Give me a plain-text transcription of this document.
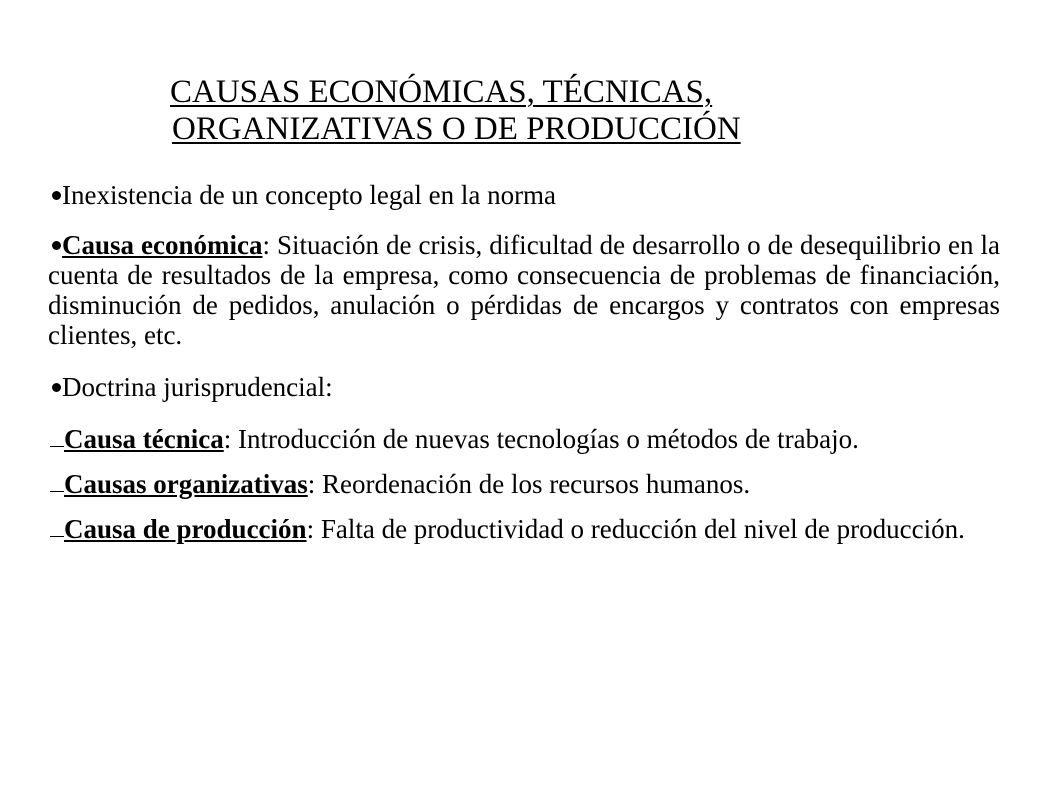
CAUSAS ECONÓMICAS, TÉCNICAS,
ORGANIZATIVAS O DE PRODUCCIÓN

Inexistencia de un concepto legal en la norma

Causa económica: Situación de crisis, dificultad de desarrollo o de desequilibrio en la cuenta de resultados de la empresa, como consecuencia de problemas de financiación, disminución de pedidos, anulación o pérdidas de encargos y contratos con empresas clientes, etc.

Doctrina jurisprudencial:

Causa técnica: Introducción de nuevas tecnologías o métodos de trabajo.

Causas organizativas: Reordenación de los recursos humanos.

Causa de producción: Falta de productividad o reducción del nivel de producción.
